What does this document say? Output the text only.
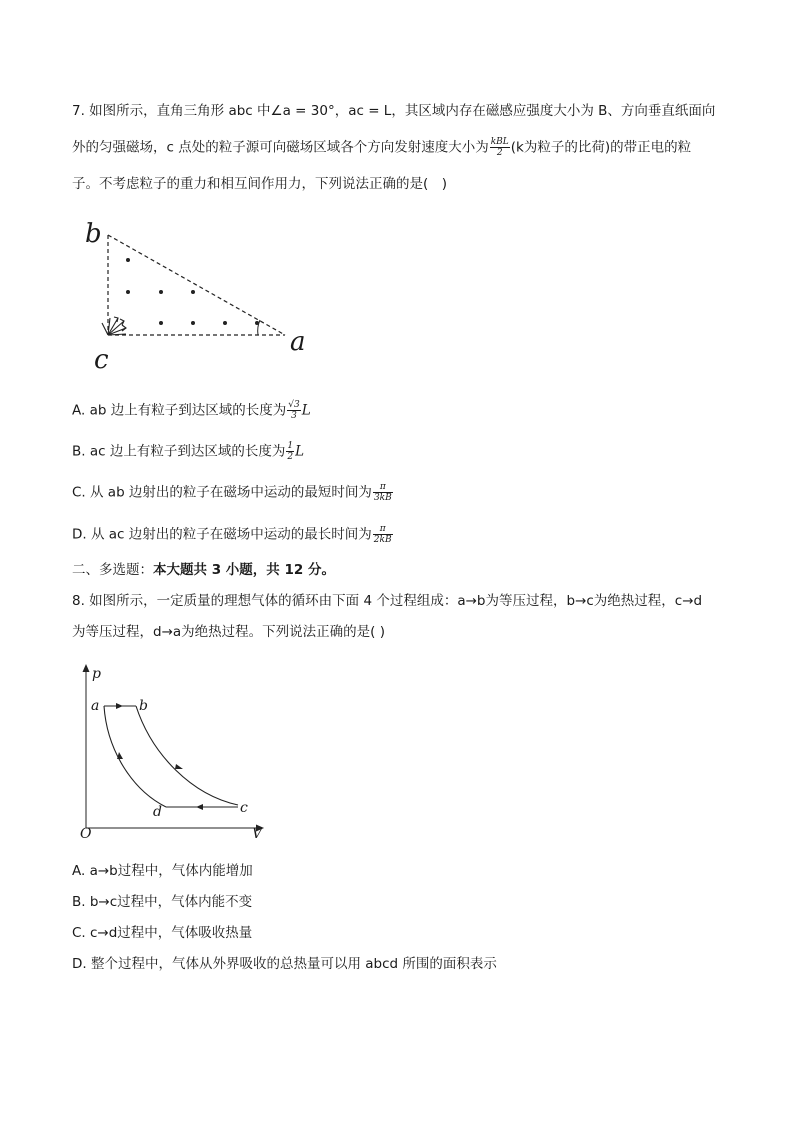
7. 如图所示，直角三角形 abc 中∠a = 30°，ac = L，其区域内存在磁感应强度大小为 B、方向垂直纸面向
外的匀强磁场，c 点处的粒子源可向磁场区域各个方向发射速度大小为 $\frac{\text{kBL}}{2} (k$为粒子的比荷)的带正电的粒
子。不考虑粒子的重力和相互间作用力，下列说法正确的是(　)
b
a
c
A. ab 边上有粒子到达区域的长度为 $\frac{√3}{3}$ L
B. ac 边上有粒子到达区域的长度为 $\frac{1}{2}$ L
C. 从 ab 边射出的粒子在磁场中运动的最短时间为 $\frac{\pi}{3kB}$
D. 从 ac 边射出的粒子在磁场中运动的最长时间为 $\frac{\pi}{2kB}$
二、多选题：本大题共 3 小题，共 12 分。
8. 如图所示，一定质量的理想气体的循环由下面 4 个过程组成：a→b为等压过程，b→c为绝热过程，c→d
为等压过程，d→a为绝热过程。下列说法正确的是( )
p
V
O
a	b
c
d
A. a→b过程中，气体内能增加
B. b→c过程中，气体内能不变
C. c→d过程中，气体吸收热量
D. 整个过程中，气体从外界吸收的总热量可以用 abcd 所围的面积表示
